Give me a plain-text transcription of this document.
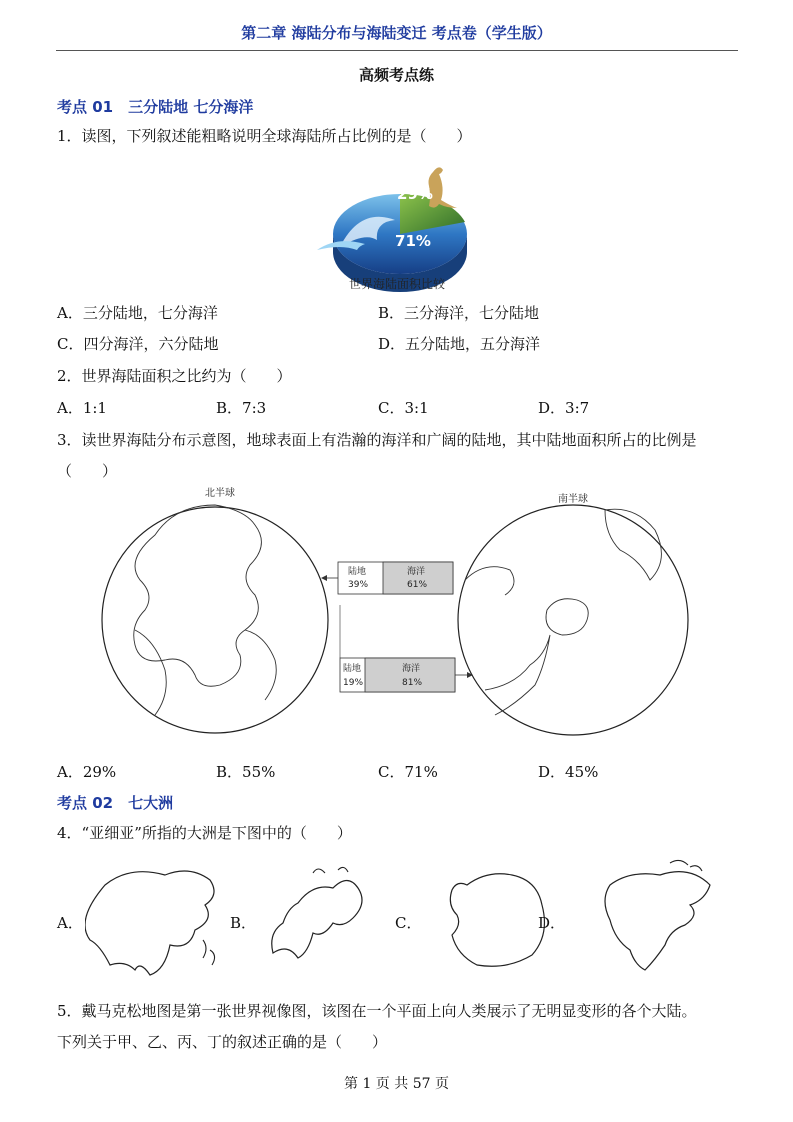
第二章 海陆分布与海陆变迁 考点卷（学生版）
高频考点练
考点 01　三分陆地 七分海洋
1．读图，下列叙述能粗略说明全球海陆所占比例的是（　　）
29%
71%
世界海陆面积比较
A．三分陆地，七分海洋	B．三分海洋，七分陆地
C．四分海洋，六分陆地	D．五分陆地，五分海洋
2．世界海陆面积之比约为（　　）
A．1:1	B．7:3	C．3:1	D．3:7
3．读世界海陆分布示意图，地球表面上有浩瀚的海洋和广阔的陆地，其中陆地面积所占的比例是
（　　）
北半球
陆地
39%
海洋
61%
陆地
19%
海洋
81%
南半球
A．29%	B．55%	C．71%	D．45%
考点 02　七大洲
4．“亚细亚”所指的大洲是下图中的（　　）
A．	B．	C．	D．
5．戴马克松地图是第一张世界视像图，该图在一个平面上向人类展示了无明显变形的各个大陆。
下列关于甲、乙、丙、丁的叙述正确的是（　　）
第 1 页 共 57 页
